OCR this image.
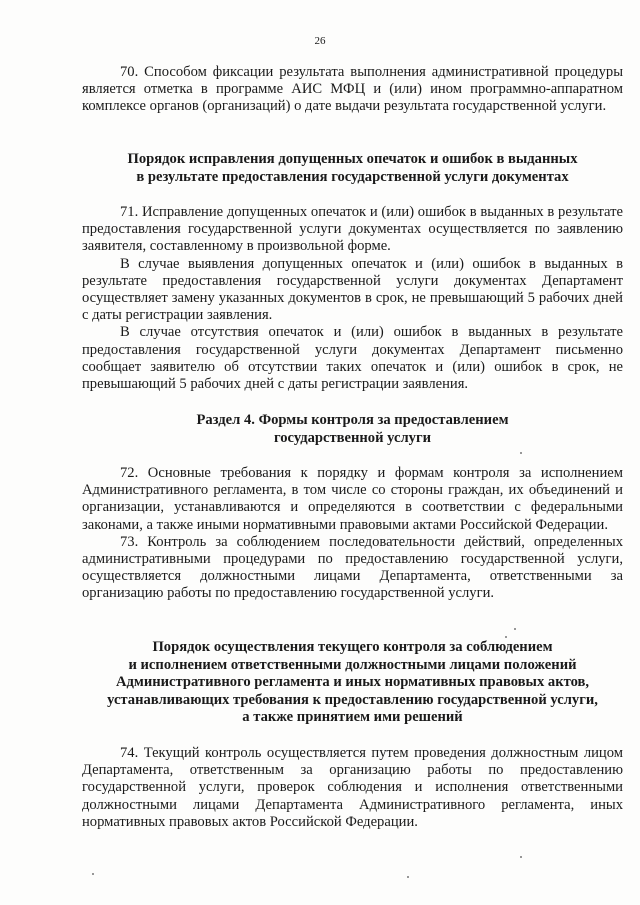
26

70. Способом фиксации результата выполнения административной процедуры является отметка в программе АИС МФЦ и (или) ином программно-аппаратном комплексе органов (организаций) о дате выдачи результата государственной услуги.

Порядок исправления допущенных опечаток и ошибок в выданных
в результате предоставления государственной услуги документах

71. Исправление допущенных опечаток и (или) ошибок в выданных в результате предоставления государственной услуги документах осуществляется по заявлению заявителя, составленному в произвольной форме.

В случае выявления допущенных опечаток и (или) ошибок в выданных в результате предоставления государственной услуги документах Департамент осуществляет замену указанных документов в срок, не превышающий 5 рабочих дней с даты регистрации заявления.

В случае отсутствия опечаток и (или) ошибок в выданных в результате предоставления государственной услуги документах Департамент письменно сообщает заявителю об отсутствии таких опечаток и (или) ошибок в срок, не превышающий 5 рабочих дней с даты регистрации заявления.

Раздел 4. Формы контроля за предоставлением
государственной услуги

72. Основные требования к порядку и формам контроля за исполнением Административного регламента, в том числе со стороны граждан, их объединений и организации, устанавливаются и определяются в соответствии с федеральными законами, а также иными нормативными правовыми актами Российской Федерации.

73. Контроль за соблюдением последовательности действий, определенных административными процедурами по предоставлению государственной услуги, осуществляется должностными лицами Департамента, ответственными за организацию работы по предоставлению государственной услуги.

Порядок осуществления текущего контроля за соблюдением
и исполнением ответственными должностными лицами положений
Административного регламента и иных нормативных правовых актов,
устанавливающих требования к предоставлению государственной услуги,
а также принятием ими решений

74. Текущий контроль осуществляется путем проведения должностным лицом Департамента, ответственным за организацию работы по предоставлению государственной услуги, проверок соблюдения и исполнения ответственными должностными лицами Департамента Административного регламента, иных нормативных правовых актов Российской Федерации.
